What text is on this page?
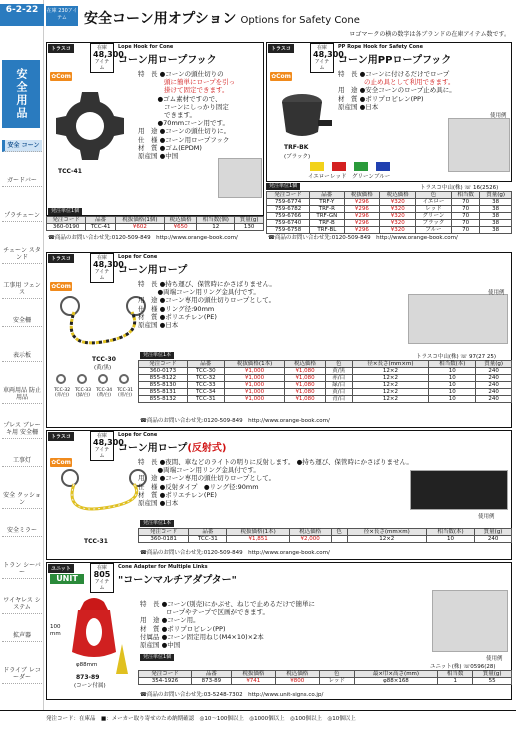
6-2-22
安全用品
安全 コーン
ガードバー
プラチェーン
チェーン スタンド
工事用 フェンス
安全柵
表示板
車両用品 防止用品
プレス ブレーキ用 安全柵
工事灯
安全 クッション
安全ミラー
トラン シーバー
ワイヤレス システム
拡声器
ドライブ レコーダー
在庫 230アイテム	安全コーン用オプション Options for Safety Cone
ロゴマークの横の数字は各ブランドの在庫アイテム数です。
トラスコ	在庫
48,300
アイテム
Lope Hook for Cone
コーン用ロープフック
✿Com
TCC-41
特　長 ●コーンの頭仕切りの
　　　　頭に簡単にロープを引っ
　　　　掛けて固定できます。
　　　●ゴム素材ですので、
　　　　コーンにしっかり固定
　　　　できます。
　　　●70mmコーン用です。
用　途 ●コーンの頭仕切りに。
仕　様 ●コーン用ロープフック
材　質 ●ゴム(EPDM)
原産国 ●中国
発注単位1個
発注コード	品番	税抜価格(1個)	税込価格	相当数(個)	質量(g)
360-0190	TCC-41	¥602	¥650	12	130
☎商品のお問い合わせ先:0120-509-849　http://www.orange-book.com/
トラスコ	在庫
48,300
アイテム
PP Rope Hook for Safety Cone
コーン用PPロープフック
✿Com
TRF-BK
(ブラック)
イエロー レッド グリーン ブルー
特　長 ●コーンに付けるだけでロープ
　　　　の止め具として利用できます。
用　途 ●安全コーンのロープ止め具に。
材　質 ●ポリプロピレン(PP)
原産国 ●日本
使用例
発注単位1個	トラスコ中山(株) ☏ 16(2526)
発注コード	品番	税抜価格	税込価格	色	相当数	質量(g)
759-6774	TRF-Y	¥296	¥320	イエロー	70	38
759-6782	TRF-R	¥296	¥320	レッド	70	38
759-6766	TRF-GN	¥296	¥320	グリーン	70	38
759-6740	TRF-B	¥296	¥320	ブラック	70	38
759-6758	TRF-BL	¥296	¥320	ブルー	70	38
☎商品のお問い合わせ先:0120-509-849　http://www.orange-book.com/
トラスコ	在庫
48,300
アイテム
Lope for Cone
コーン用ロープ
✿Com
TCC-30
(黄/黒)
TCC-32 (赤/白)
TCC-33 (緑/白)
TCC-34 (黄/白)
TCC-31 (青/白)
特　長 ●持ち運び、保管時にかさばりません。
　　　●両端コーン用リング金具付です。
用　途 ●コーン専用の頭仕切りロープとして。
仕　様 ●リング径:90mm
材　質 ●ポリエチレン(PE)
原産国 ●日本
使用例
発注単位1本	トラスコ中山(株) ☏ 97(27 25)
発注コード	品番	税抜価格(1本)	税込価格	色	径×長さ(mm×m)	相当数(本)	質量(g)
360-0173	TCC-30	¥1,000	¥1,080	黄/黒	12×2	10	240
855-8122	TCC-32	¥1,000	¥1,080	赤/白	12×2	10	240
855-8130	TCC-33	¥1,000	¥1,080	緑/白	12×2	10	240
855-8131	TCC-34	¥1,000	¥1,080	黄/白	12×2	10	240
855-8132	TCC-31	¥1,000	¥1,080	青/白	12×2	10	240
☎商品のお問い合わせ先:0120-509-849　http://www.orange-book.com/
トラスコ	在庫
48,300
アイテム
Lope for Cone
コーン用ロープ(反射式)
✿Com
TCC-31
特　長 ●夜間、車などのライトの明りに反射します。 ●持ち運び、保管時にかさばりません。
　　　●両端コーン用リング金具付です。
用　途 ●コーン専用の頭仕切りロープとして。
仕　様 ●反射タイプ　●リング径:90mm
材　質 ●ポリエチレン(PE)
原産国 ●日本
使用例
発注単位1本
発注コード	品番	税抜価格(1本)	税込価格	色	径×長さ(mm×m)	相当数(本)	質量(g)
360-0181	TCC-31	¥1,851	¥2,000		12×2	10	240
☎商品のお問い合わせ先:0120-509-849　http://www.orange-book.com/
ユニット
UNIT
在庫
805
アイテム
Cone Adapter for Multiple Links
"コーンマルチアダプター"
100 mm
φ88mm
873-89
(コーン付属)
特　長 ●コーン(別売)にかぶせ、ねじで止めるだけで簡単に
　　　　ロープやテープで区画ができます。
用　途 ●コーン用。
材　質 ●ポリプロピレン(PP)
付属品 ●コーン固定用ねじ(M4×10)×2本
原産国 ●中国
使用例
発注単位1個
ユニット(株) ☏0596(28)
発注コード	品番	税抜価格	税込価格	色	最×巾×高さ(mm)	相当数	質量(g)
354-1926	873-89	¥741	¥800	レッド	φ88×168	1	55
☎商品のお問い合わせ先:03-5248-7302　http://www.unit-signs.co.jp/
発注コード：在庫品　■：メーカー取り寄せのため納期確認　◎10～100個以上　◎1000個以上　◎100個以上　◎10個以上
